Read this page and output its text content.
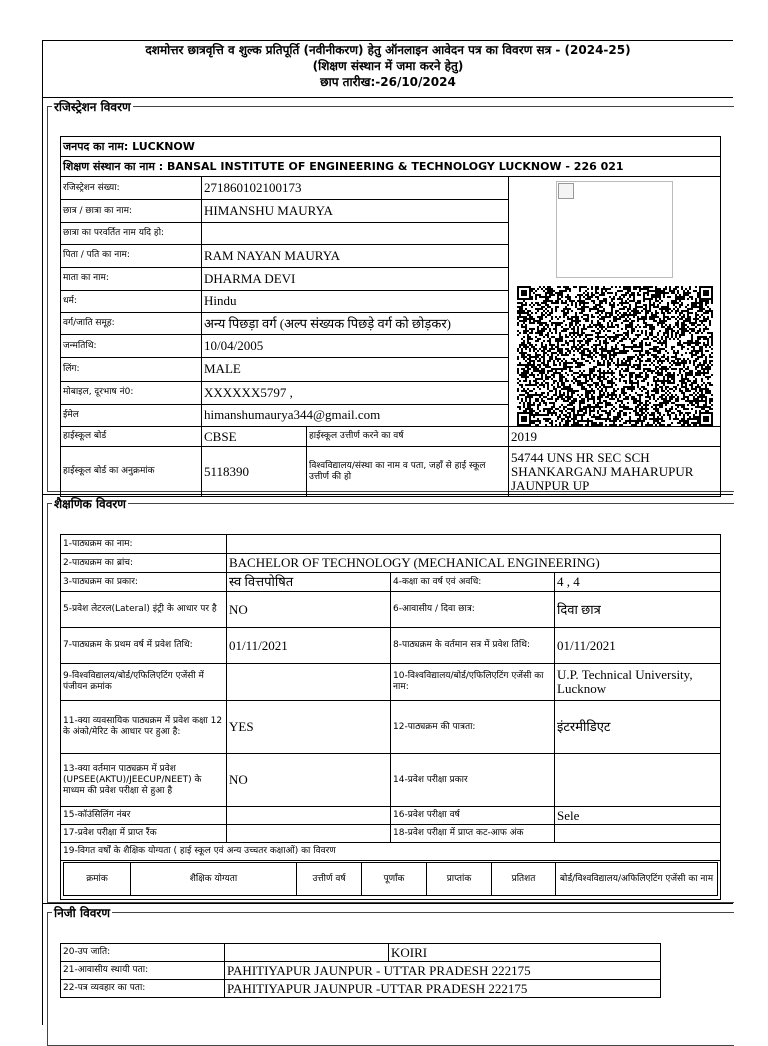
दशमोत्तर छात्रवृत्ति व शुल्क प्रतिपूर्ति (नवीनीकरण) हेतु ऑनलाइन आवेदन पत्र का विवरण सत्र - (2024-25)
(शिक्षण संस्थान में जमा करने हेतु)
छाप तारीख:-26/10/2024
रजिस्ट्रेशन विवरण
जनपद का नाम: LUCKNOW			
शिक्षण संस्थान का नाम : BANSAL INSTITUTE OF ENGINEERING & TECHNOLOGY LUCKNOW - 226 021			
रजिस्ट्रेशन संख्या:	271860102100173	

छात्र / छात्रा का नाम:	HIMANSHU MAURYA		
छात्रा का परवर्तित नाम यदि हो:			
पिता / पति का नाम:	RAM NAYAN MAURYA		
माता का नाम:	DHARMA DEVI		
धर्म:	Hindu		
वर्ग/जाति समूह:	अन्य पिछड़ा वर्ग (अल्प संख्यक पिछड़े वर्ग को छोड़कर)		
जन्मतिथि:	10/04/2005		
लिंग:	MALE		
मोबाइल, दूरभाष नं0:	XXXXXX5797 ,		
ईमेल	himanshumaurya344@gmail.com		
हाईस्कूल बोर्ड	CBSE	हाईस्कूल उत्तीर्ण करने का वर्ष	2019
हाईस्कूल बोर्ड का अनुक्रमांक	5118390	विश्वविद्यालय/संस्था का नाम व पता, जहाँ से हाई स्कूल उत्तीर्ण की हो	54744 UNS HR SEC SCH SHANKARGANJ MAHARUPUR JAUNPUR UP
शैक्षणिक विवरण
1-पाठ्यक्रम का नाम:	
2-पाठ्यक्रम का ब्रांच:	BACHELOR OF TECHNOLOGY (MECHANICAL ENGINEERING)
3-पाठ्यक्रम का प्रकार:	स्व वित्तपोषित	4-कक्षा का वर्ष एवं अवधि:	4 , 4
5-प्रवेश लेटरल(Lateral) इंट्री के आधार पर है	NO	6-आवासीय / दिवा छात्र:	दिवा छात्र
7-पाठ्यक्रम के प्रथम वर्ष में प्रवेश तिथि:	01/11/2021	8-पाठ्यक्रम के वर्तमान सत्र में प्रवेश तिथि:	01/11/2021
9-विश्वविद्यालय/बोर्ड/एफिलिएटिंग एजेंसी में पंजीयन क्रमांक		10-विश्वविद्यालय/बोर्ड/एफिलिएटिंग एजेंसी का नाम:	U.P. Technical University, Lucknow
11-क्या व्यवसायिक पाठ्यक्रम में प्रवेश कक्षा 12 के अंको/मेरिट के आधार पर हुआ है:	YES	12-पाठ्यक्रम की पात्रता:	इंटरमीडिएट
13-क्या वर्तमान पाठ्यक्रम में प्रवेश (UPSEE(AKTU)/JEECUP/NEET) के माध्यम की प्रवेश परीक्षा से हुआ है	NO	14-प्रवेश परीक्षा प्रकार	
15-कॉउंसिलिंग नंबर		16-प्रवेश परीक्षा वर्ष	Sele
17-प्रवेश परीक्षा में प्राप्त रैंक		18-प्रवेश परीक्षा में प्राप्त कट-आफ अंक	
19-विगत वर्षों के शैक्षिक योग्यता ( हाई स्कूल एवं अन्य उच्चतर कक्षाओं) का विवरण

क्रमांक	शैक्षिक योग्यता	उत्तीर्ण वर्ष	पूर्णांक	प्राप्तांक	प्रतिशत	बोर्ड/विश्वविद्यालय/अफिलिएटिंग एजेंसी का नाम
निजी विवरण
20-उप जाति:		KOIRI
21-आवासीय स्थायी पता:	PAHITIYAPUR JAUNPUR - UTTAR PRADESH 222175	
22-पत्र व्यवहार का पता:	PAHITIYAPUR JAUNPUR -UTTAR PRADESH 222175	
